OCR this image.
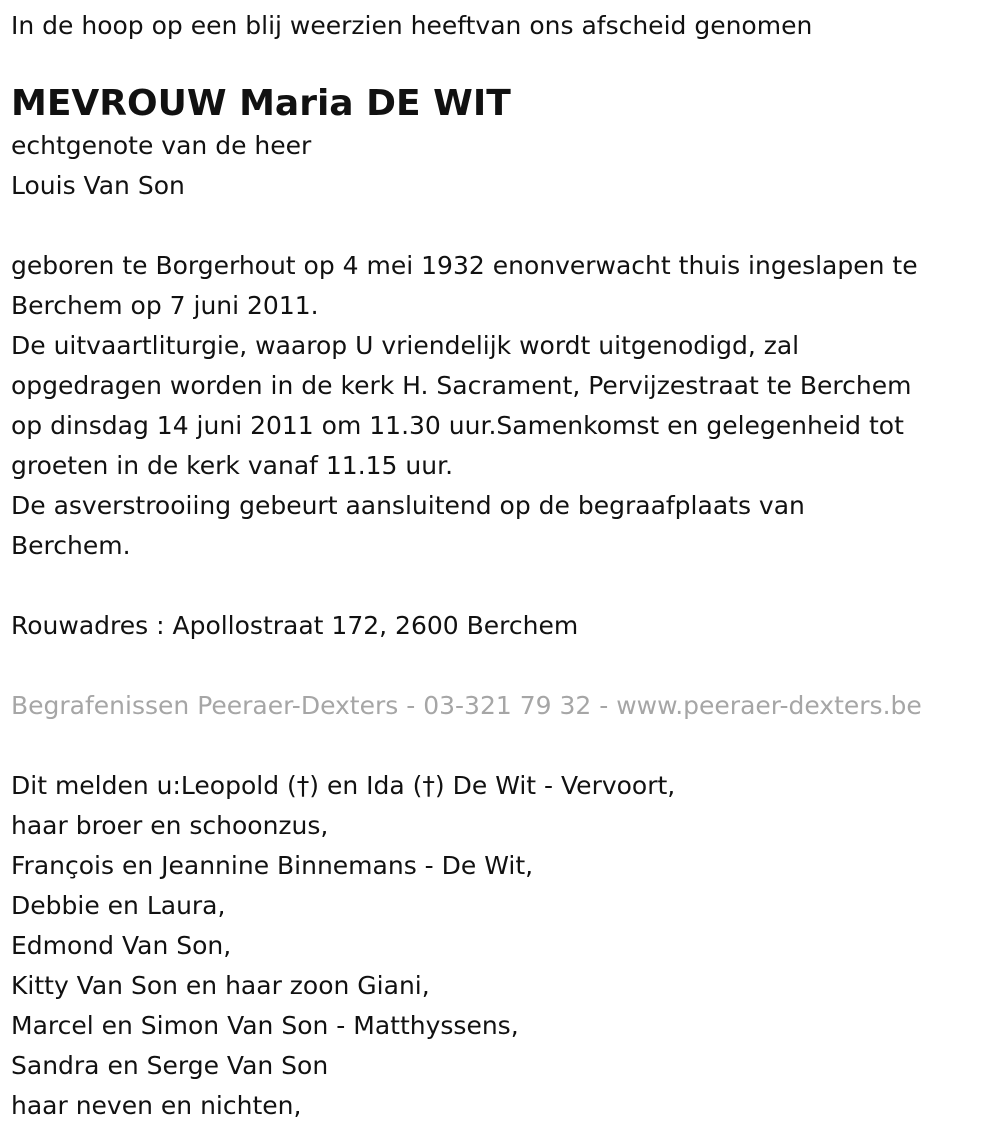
In de hoop op een blij weerzien heeftvan ons afscheid genomen

MEVROUW Maria DE WIT

echtgenote van de heer

Louis Van Son

geboren te Borgerhout op 4 mei 1932 enonverwacht thuis ingeslapen te

Berchem op 7 juni 2011.

De uitvaartliturgie, waarop U vriendelijk wordt uitgenodigd, zal

opgedragen worden in de kerk H. Sacrament, Pervijzestraat te Berchem

op dinsdag 14 juni 2011 om 11.30 uur.Samenkomst en gelegenheid tot

groeten in de kerk vanaf 11.15 uur.

De asverstrooiing gebeurt aansluitend op de begraafplaats van

Berchem.

Rouwadres : Apollostraat 172, 2600 Berchem

Begrafenissen Peeraer-Dexters - 03-321 79 32 - www.peeraer-dexters.be

Dit melden u:Leopold (†) en Ida (†) De Wit - Vervoort,

haar broer en schoonzus,

François en Jeannine Binnemans - De Wit,

Debbie en Laura,

Edmond Van Son,

Kitty Van Son en haar zoon Giani,

Marcel en Simon Van Son - Matthyssens,

Sandra en Serge Van Son

haar neven en nichten,
